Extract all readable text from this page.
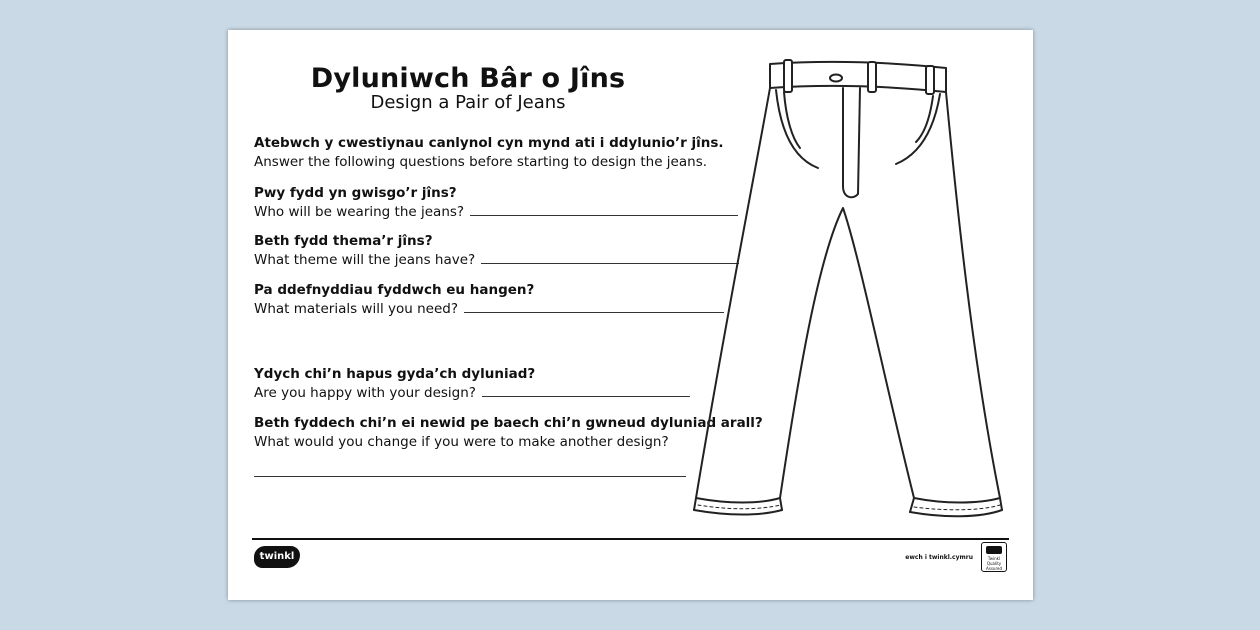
Dyluniwch Bâr o Jîns
Design a Pair of Jeans
Atebwch y cwestiynau canlynol cyn mynd ati i ddylunio’r jîns.
Answer the following questions before starting to design the jeans.
Pwy fydd yn gwisgo’r jîns?
Who will be wearing the jeans?
Beth fydd thema’r jîns?
What theme will the jeans have?
Pa ddefnyddiau fyddwch eu hangen?
What materials will you need?
Ydych chi’n hapus gyda’ch dyluniad?
Are you happy with your design?
Beth fyddech chi’n ei newid pe baech chi’n gwneud dyluniad arall?
What would you change if you were to make another design?
twinkl	ewch i twinkl.cymru	Twinkl Quality Assured
